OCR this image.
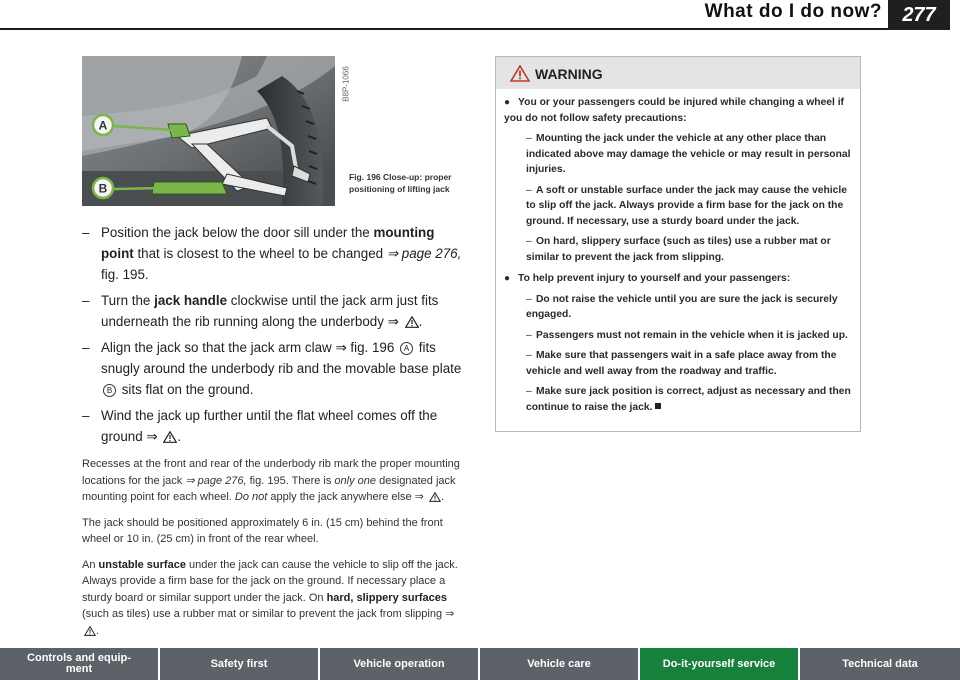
What do I do now?	277
A
B
B8P-1066
Fig. 196 Close-up: proper positioning of lifting jack
– Position the jack below the door sill under the mounting point that is closest to the wheel to be changed ⇒ page 276, fig. 195.
– Turn the jack handle clockwise until the jack arm just fits underneath the rib running along the underbody ⇒ .
– Align the jack so that the jack arm claw ⇒ fig. 196 A fits snugly around the underbody rib and the movable base plate B sits flat on the ground.
– Wind the jack up further until the flat wheel comes off the ground ⇒ .
Recesses at the front and rear of the underbody rib mark the proper mounting locations for the jack ⇒ page 276, fig. 195. There is only one designated jack mounting point for each wheel. Do not apply the jack anywhere else ⇒ .
The jack should be positioned approximately 6 in. (15 cm) behind the front wheel or 10 in. (25 cm) in front of the rear wheel.
An unstable surface under the jack can cause the vehicle to slip off the jack. Always provide a firm base for the jack on the ground. If necessary place a sturdy board or similar support under the jack. On hard, slippery surfaces (such as tiles) use a rubber mat or similar to prevent the jack from slipping ⇒ .
WARNING
● You or your passengers could be injured while changing a wheel if you do not follow safety precautions:
– Mounting the jack under the vehicle at any other place than indicated above may damage the vehicle or may result in personal injuries.
– A soft or unstable surface under the jack may cause the vehicle to slip off the jack. Always provide a firm base for the jack on the ground. If necessary, use a sturdy board under the jack.
– On hard, slippery surface (such as tiles) use a rubber mat or similar to prevent the jack from slipping.
● To help prevent injury to yourself and your passengers:
– Do not raise the vehicle until you are sure the jack is securely engaged.
– Passengers must not remain in the vehicle when it is jacked up.
– Make sure that passengers wait in a safe place away from the vehicle and well away from the roadway and traffic.
– Make sure jack position is correct, adjust as necessary and then continue to raise the jack.
Controls and equip-
ment	Safety first	Vehicle operation	Vehicle care	Do-it-yourself service	Technical data
